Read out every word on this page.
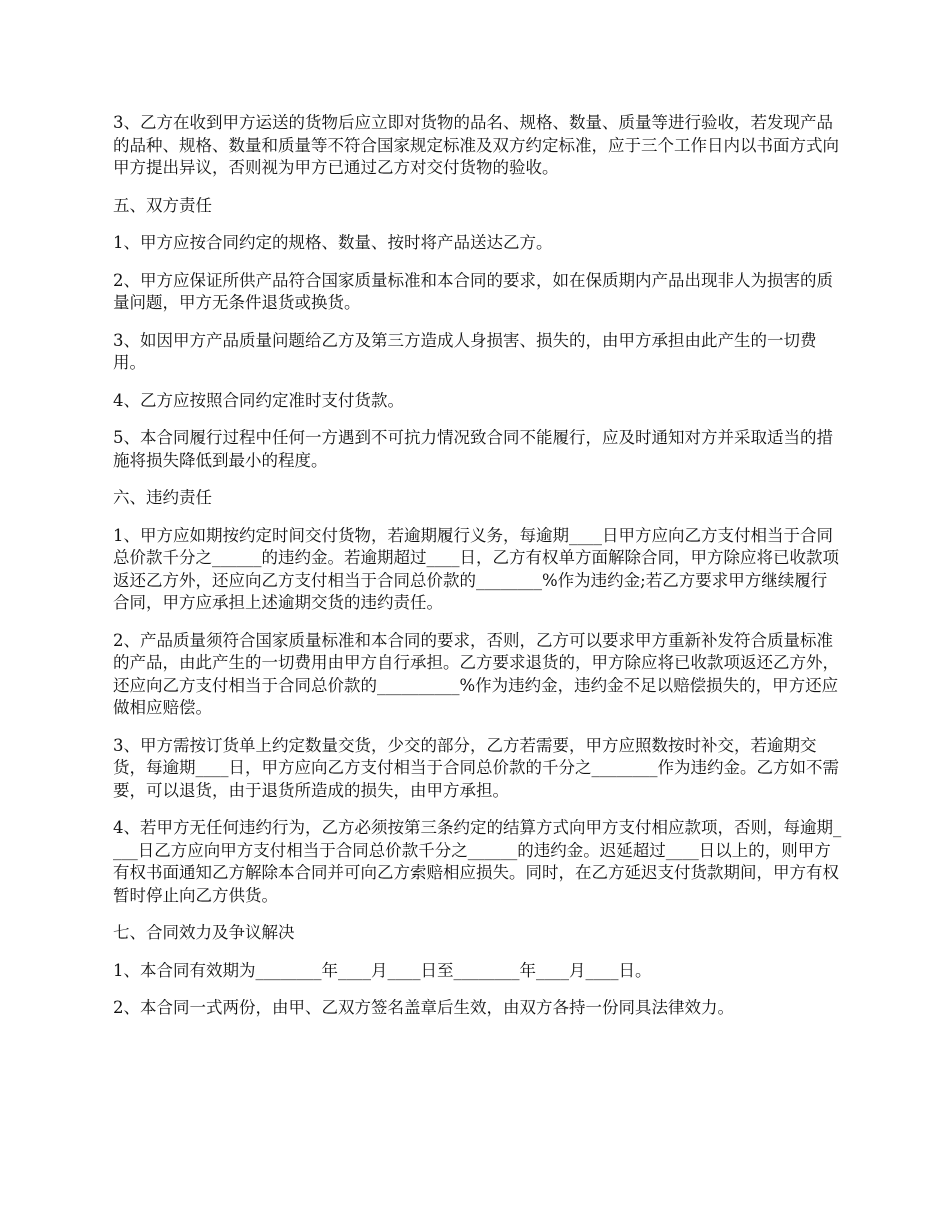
3、乙方在收到甲方运送的货物后应立即对货物的品名、规格、数量、质量等进行验收，若发现产品的品种、规格、数量和质量等不符合国家规定标准及双方约定标准，应于三个工作日内以书面方式向甲方提出异议，否则视为甲方已通过乙方对交付货物的验收。

五、双方责任

1、甲方应按合同约定的规格、数量、按时将产品送达乙方。

2、甲方应保证所供产品符合国家质量标准和本合同的要求，如在保质期内产品出现非人为损害的质量问题，甲方无条件退货或换货。

3、如因甲方产品质量问题给乙方及第三方造成人身损害、损失的，由甲方承担由此产生的一切费用。

4、乙方应按照合同约定准时支付货款。

5、本合同履行过程中任何一方遇到不可抗力情况致合同不能履行，应及时通知对方并采取适当的措施将损失降低到最小的程度。

六、违约责任

1、甲方应如期按约定时间交付货物，若逾期履行义务，每逾期____日甲方应向乙方支付相当于合同总价款千分之______的违约金。若逾期超过____日，乙方有权单方面解除合同，甲方除应将已收款项返还乙方外，还应向乙方支付相当于合同总价款的________%作为违约金;若乙方要求甲方继续履行合同，甲方应承担上述逾期交货的违约责任。

2、产品质量须符合国家质量标准和本合同的要求，否则，乙方可以要求甲方重新补发符合质量标准的产品，由此产生的一切费用由甲方自行承担。乙方要求退货的，甲方除应将已收款项返还乙方外，还应向乙方支付相当于合同总价款的__________%作为违约金，违约金不足以赔偿损失的，甲方还应做相应赔偿。

3、甲方需按订货单上约定数量交货，少交的部分，乙方若需要，甲方应照数按时补交，若逾期交货，每逾期____日，甲方应向乙方支付相当于合同总价款的千分之________作为违约金。乙方如不需要，可以退货，由于退货所造成的损失，由甲方承担。

4、若甲方无任何违约行为，乙方必须按第三条约定的结算方式向甲方支付相应款项，否则，每逾期____日乙方应向甲方支付相当于合同总价款千分之______的违约金。迟延超过____日以上的，则甲方有权书面通知乙方解除本合同并可向乙方索赔相应损失。同时，在乙方延迟支付货款期间，甲方有权暂时停止向乙方供货。

七、合同效力及争议解决

1、本合同有效期为________年____月____日至________年____月____日。

2、本合同一式两份，由甲、乙双方签名盖章后生效，由双方各持一份同具法律效力。
